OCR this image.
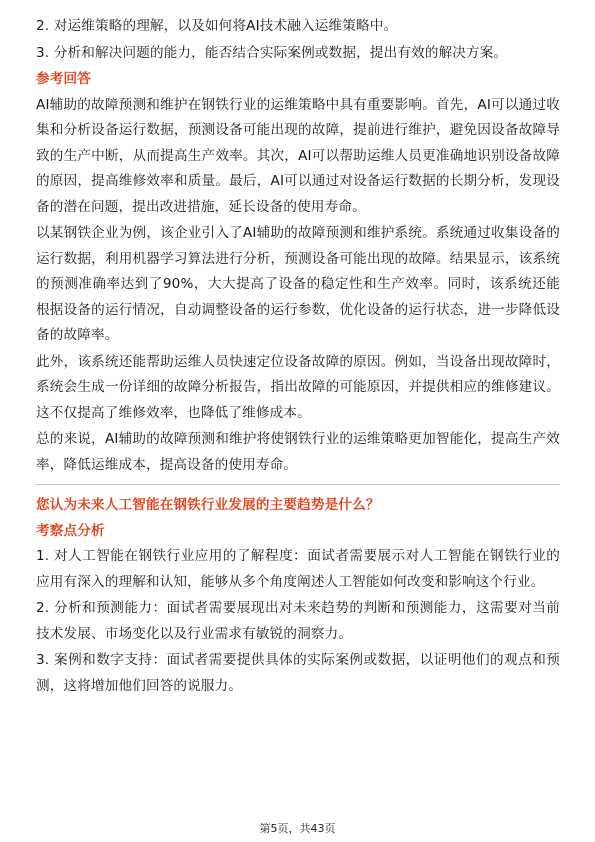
2. 对运维策略的理解，以及如何将AI技术融入运维策略中。

3. 分析和解决问题的能力，能否结合实际案例或数据，提出有效的解决方案。

参考回答

AI辅助的故障预测和维护在钢铁行业的运维策略中具有重要影响。首先，AI可以通过收集和分析设备运行数据，预测设备可能出现的故障，提前进行维护，避免因设备故障导致的生产中断，从而提高生产效率。其次，AI可以帮助运维人员更准确地识别设备故障的原因，提高维修效率和质量。最后，AI可以通过对设备运行数据的长期分析，发现设备的潜在问题，提出改进措施，延长设备的使用寿命。

以某钢铁企业为例，该企业引入了AI辅助的故障预测和维护系统。系统通过收集设备的运行数据，利用机器学习算法进行分析，预测设备可能出现的故障。结果显示，该系统的预测准确率达到了90%，大大提高了设备的稳定性和生产效率。同时，该系统还能根据设备的运行情况，自动调整设备的运行参数，优化设备的运行状态，进一步降低设备的故障率。

此外，该系统还能帮助运维人员快速定位设备故障的原因。例如，当设备出现故障时，系统会生成一份详细的故障分析报告，指出故障的可能原因，并提供相应的维修建议。这不仅提高了维修效率，也降低了维修成本。

总的来说，AI辅助的故障预测和维护将使钢铁行业的运维策略更加智能化，提高生产效率，降低运维成本，提高设备的使用寿命。

您认为未来人工智能在钢铁行业发展的主要趋势是什么？

考察点分析

1. 对人工智能在钢铁行业应用的了解程度：面试者需要展示对人工智能在钢铁行业的应用有深入的理解和认知，能够从多个角度阐述人工智能如何改变和影响这个行业。

2. 分析和预测能力：面试者需要展现出对未来趋势的判断和预测能力，这需要对当前技术发展、市场变化以及行业需求有敏锐的洞察力。

3. 案例和数字支持：面试者需要提供具体的实际案例或数据，以证明他们的观点和预测，这将增加他们回答的说服力。

第5页，共43页
